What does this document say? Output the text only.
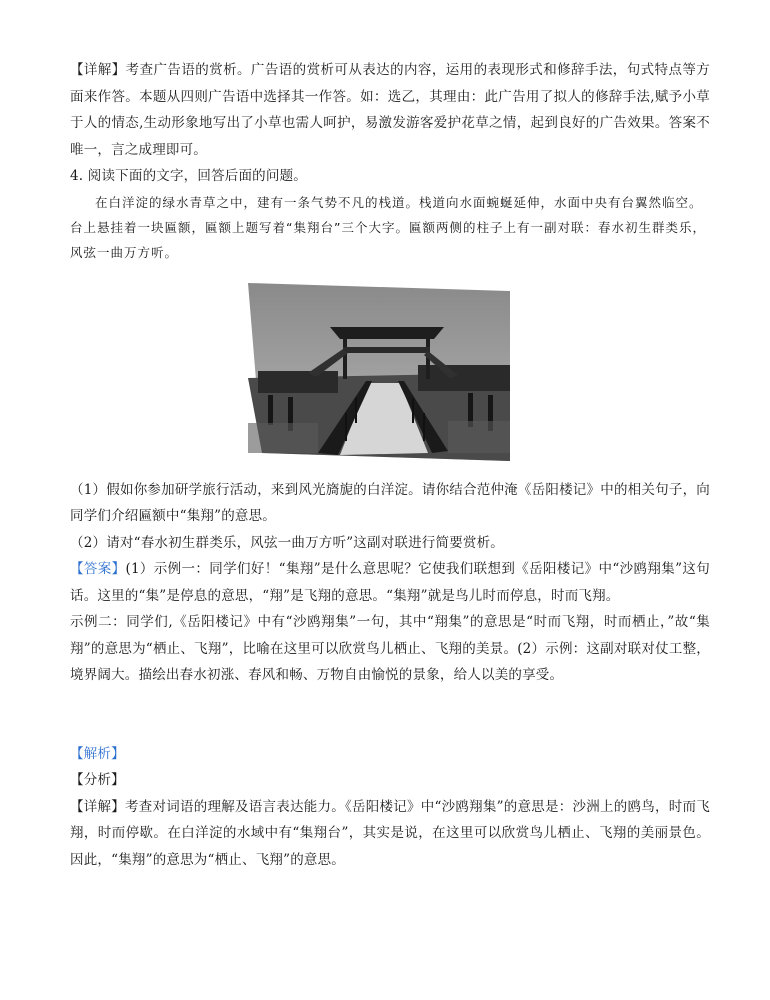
【详解】考查广告语的赏析。广告语的赏析可从表达的内容，运用的表现形式和修辞手法，句式特点等方面来作答。本题从四则广告语中选择其一作答。如：选乙，其理由：此广告用了拟人的修辞手法,赋予小草于人的情态,生动形象地写出了小草也需人呵护，易激发游客爱护花草之情，起到良好的广告效果。答案不唯一，言之成理即可。

4. 阅读下面的文字，回答后面的问题。

在白洋淀的绿水青草之中，建有一条气势不凡的栈道。栈道向水面蜿蜒延伸，水面中央有台翼然临空。台上悬挂着一块匾额，匾额上题写着“集翔台”三个大字。匾额两侧的柱子上有一副对联：春水初生群类乐，风弦一曲万方听。

（1）假如你参加研学旅行活动，来到风光旖旎的白洋淀。请你结合范仲淹《岳阳楼记》中的相关句子，向同学们介绍匾额中“集翔”的意思。

（2）请对“春水初生群类乐，风弦一曲万方听”这副对联进行简要赏析。

【答案】(1）示例一：同学们好！“集翔”是什么意思呢？它使我们联想到《岳阳楼记》中“沙鸥翔集”这句话。这里的“集”是停息的意思，“翔”是飞翔的意思。“集翔”就是鸟儿时而停息，时而飞翔。

示例二：同学们,《岳阳楼记》中有“沙鸥翔集”一句，其中“翔集”的意思是“时而飞翔，时而栖止，”故“集翔”的意思为“栖止、飞翔”，比喻在这里可以欣赏鸟儿栖止、飞翔的美景。(2）示例：这副对联对仗工整，境界阔大。描绘出春水初涨、春风和畅、万物自由愉悦的景象，给人以美的享受。

【解析】

【分析】

【详解】考查对词语的理解及语言表达能力。《岳阳楼记》中“沙鸥翔集”的意思是：沙洲上的鸥鸟，时而飞翔，时而停歇。在白洋淀的水域中有“集翔台”，其实是说，在这里可以欣赏鸟儿栖止、飞翔的美丽景色。因此，“集翔”的意思为“栖止、飞翔”的意思。
